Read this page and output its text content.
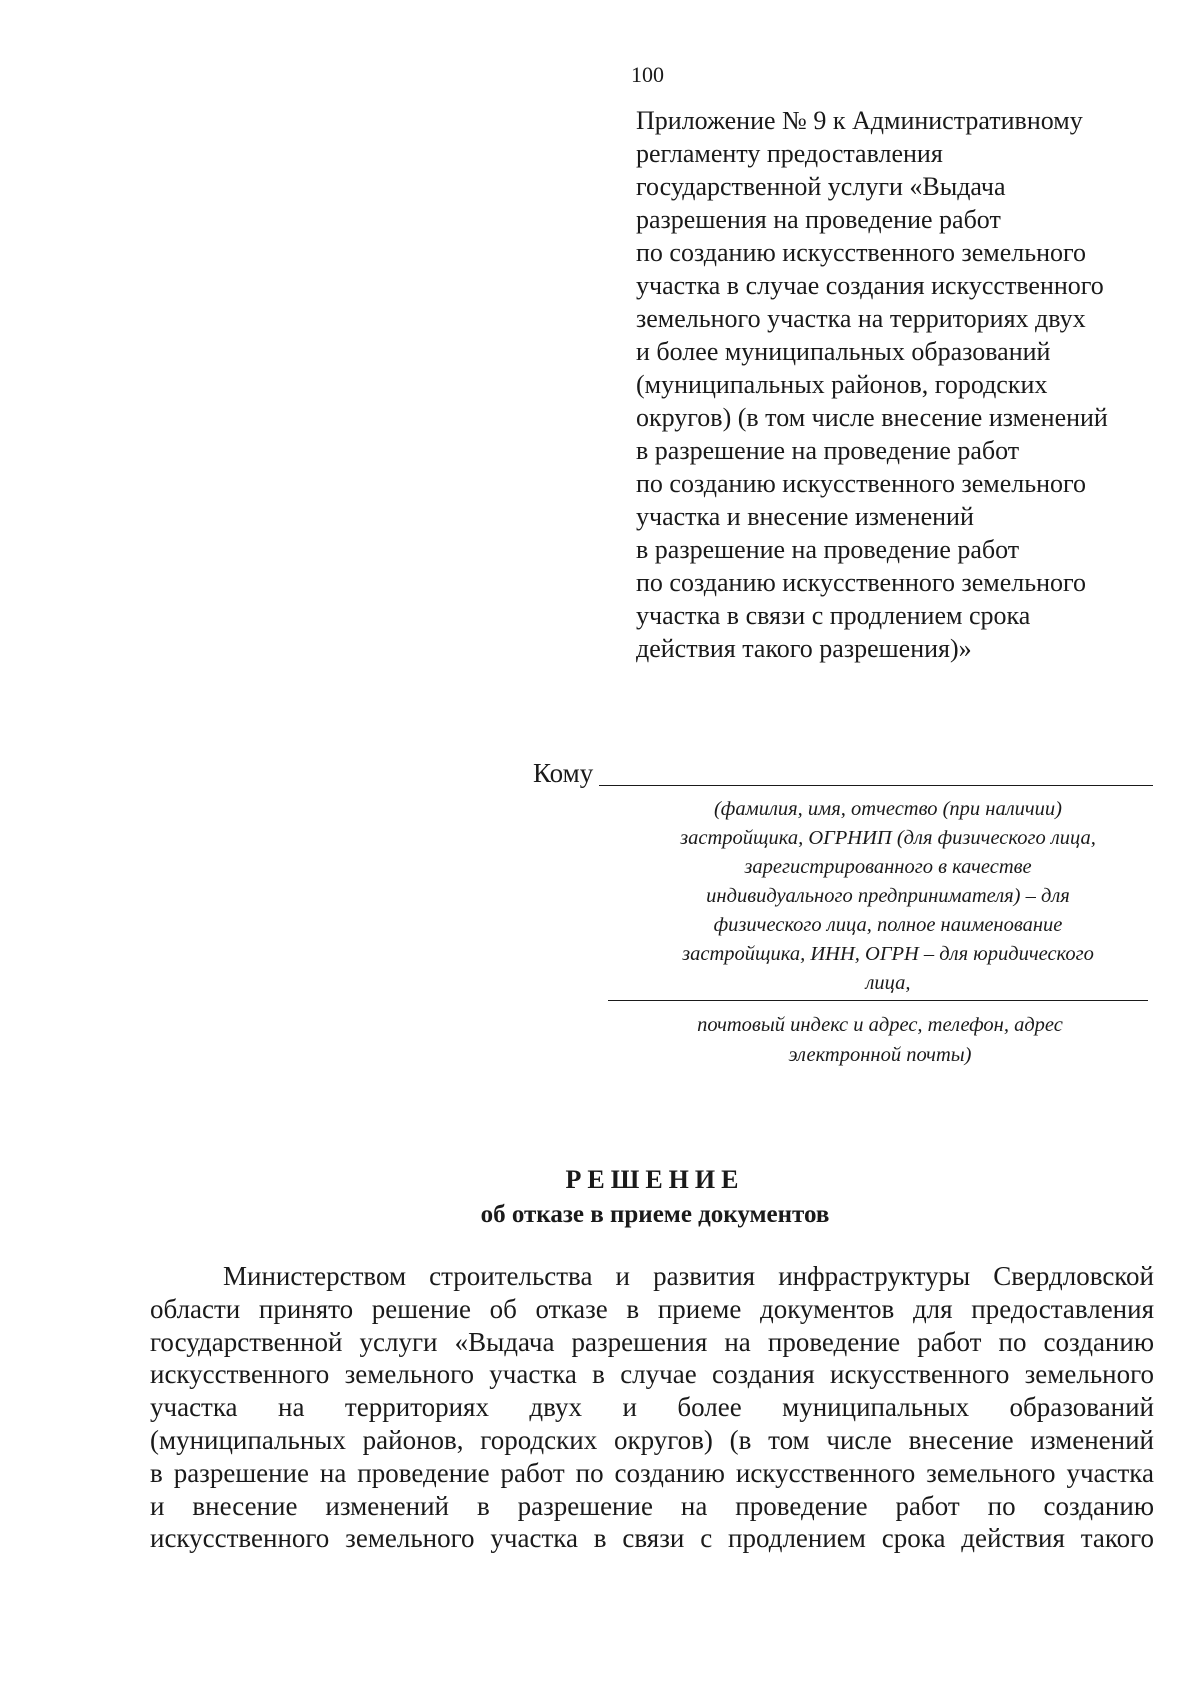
100
Приложение № 9 к Административному
регламенту предоставления
государственной услуги «Выдача
разрешения на проведение работ
по созданию искусственного земельного
участка в случае создания искусственного
земельного участка на территориях двух
и более муниципальных образований
(муниципальных районов, городских
округов) (в том числе внесение изменений
в разрешение на проведение работ
по созданию искусственного земельного
участка и внесение изменений
в разрешение на проведение работ
по созданию искусственного земельного
участка в связи с продлением срока
действия такого разрешения)»
Кому
(фамилия, имя, отчество (при наличии)
застройщика, ОГРНИП (для физического лица,
зарегистрированного в качестве
индивидуального предпринимателя) – для
физического лица, полное наименование
застройщика, ИНН, ОГРН – для юридического
лица,
почтовый индекс и адрес, телефон, адрес
электронной почты)
РЕШЕНИЕ
об отказе в приеме документов
Министерством строительства и развития инфраструктуры Свердловской
области принято решение об отказе в приеме документов для предоставления
государственной услуги «Выдача разрешения на проведение работ по созданию
искусственного земельного участка в случае создания искусственного земельного
участка на территориях двух и более муниципальных образований
(муниципальных районов, городских округов) (в том числе внесение изменений
в разрешение на проведение работ по созданию искусственного земельного участка
и внесение изменений в разрешение на проведение работ по созданию
искусственного земельного участка в связи с продлением срока действия такого
